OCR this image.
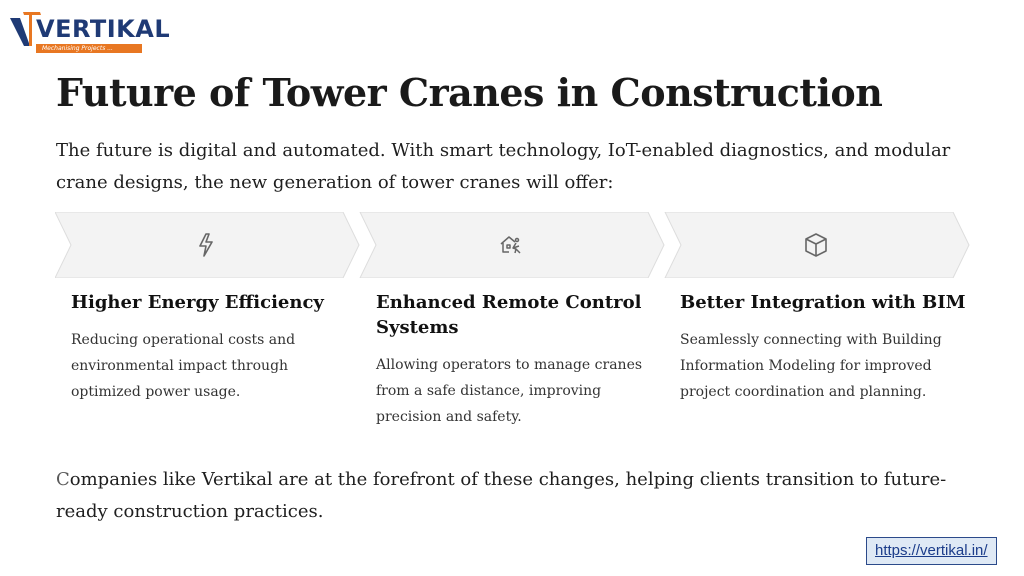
VERTIKAL
Mechanising Projects ...
Future of Tower Cranes in Construction

The future is digital and automated. With smart technology, IoT-enabled diagnostics, and modular crane designs, the new generation of tower cranes will offer:

Higher Energy Efficiency

Reducing operational costs and environmental impact through optimized power usage.

Enhanced Remote Control Systems

Allowing operators to manage cranes from a safe distance, improving precision and safety.

Better Integration with BIM

Seamlessly connecting with Building Information Modeling for improved project coordination and planning.

Companies like Vertikal are at the forefront of these changes, helping clients transition to future-ready construction practices.

https://vertikal.in/
